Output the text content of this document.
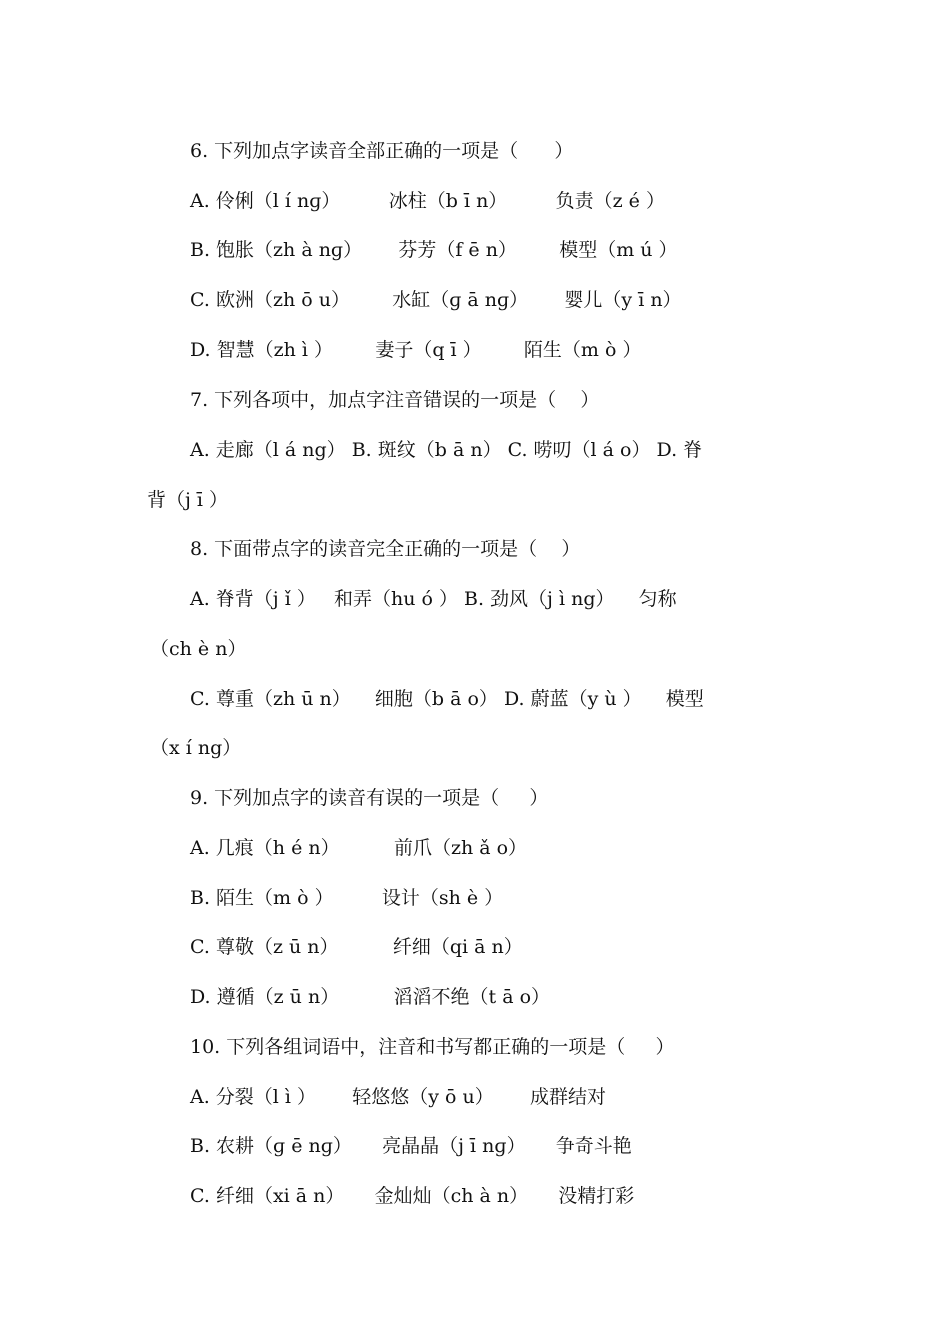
6. 下列加点字读音全部正确的一项是（      ）
A. 伶俐（l í nɡ）        冰柱（b ī n）        负责（z é ）
B. 饱胀（zh à nɡ）      芬芳（f ē n）       模型（m ú ）
C. 欧洲（zh ō u）       水缸（ɡ ā nɡ）      婴儿（y ī n）
D. 智慧（zh ì ）       妻子（q ī ）       陌生（m ò ）
7. 下列各项中，加点字注音错误的一项是（    ）
A. 走廊（l á ng） B. 斑纹（b ā n） C. 唠叨（l á o） D. 脊
背（j ī ）
8. 下面带点字的读音完全正确的一项是（    ）
A. 脊背（j ǐ ）   和弄（hu ó ） B. 劲风（j ì ng）    匀称
（ch è n）
C. 尊重（zh ū n）    细胞（b ā o） D. 蔚蓝（y ù ）    模型
（x í ng）
9. 下列加点字的读音有误的一项是（     ）
A. 几痕（h é n）         前爪（zh ǎ o）
B. 陌生（m ò ）        设计（sh è ）
C. 尊敬（z ū n）         纤细（qi ā n）
D. 遵循（z ū n）         滔滔不绝（t ā o）
10. 下列各组词语中，注音和书写都正确的一项是（     ）
A. 分裂（l ì ）      轻悠悠（y ō u）      成群结对
B. 农耕（ɡ ē nɡ）     亮晶晶（j ī nɡ）     争奇斗艳
C. 纤细（xi ā n）     金灿灿（ch à n）     没精打彩
